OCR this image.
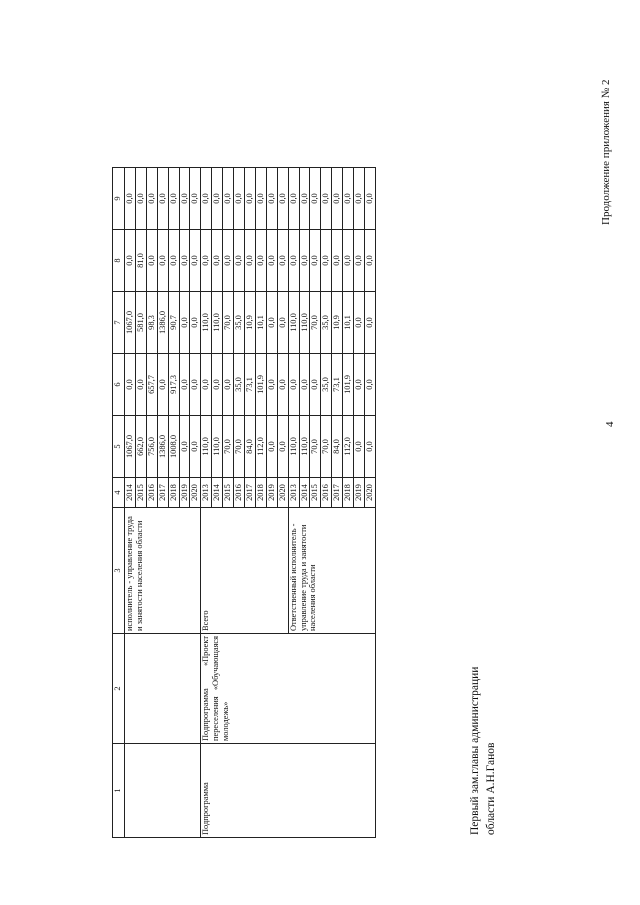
4
Продолжение приложения № 2
1	2	3	4	5	6	7	8	9
		исполнитель - управление труда и занятости населения области	2014	1067,0	0,0	1067,0	0,0	0,0
			2015	662,0	0,0	581,0	81,0	0,0
			2016	756,0	657,7	98,3	0,0	0,0
			2017	1386,0	0,0	1386,0	0,0	0,0
			2018	1008,0	917,3	90,7	0,0	0,0
			2019	0,0	0,0	0,0	0,0	0,0
			2020	0,0	0,0	0,0	0,0	0,0
Подпрограмма	Подпрограмма «Проект переселения «Обучающаяся молодежь»	Всего	2013	110,0	0,0	110,0	0,0	0,0
			2014	110,0	0,0	110,0	0,0	0,0
			2015	70,0	0,0	70,0	0,0	0,0
			2016	70,0	35,0	35,0	0,0	0,0
			2017	84,0	73,1	10,9	0,0	0,0
			2018	112,0	101,9	10,1	0,0	0,0
			2019	0,0	0,0	0,0	0,0	0,0
			2020	0,0	0,0	0,0	0,0	0,0
		Ответственный исполнитель - управление труда и занятости населения области	2013	110,0	0,0	110,0	0,0	0,0
			2014	110,0	0,0	110,0	0,0	0,0
			2015	70,0	0,0	70,0	0,0	0,0
			2016	70,0	35,0	35,0	0,0	0,0
			2017	84,0	73,1	10,9	0,0	0,0
			2018	112,0	101,9	10,1	0,0	0,0
			2019	0,0	0,0	0,0	0,0	0,0
			2020	0,0	0,0	0,0	0,0	0,0
Первый зам.главы администрации области А.Н.Ганов
